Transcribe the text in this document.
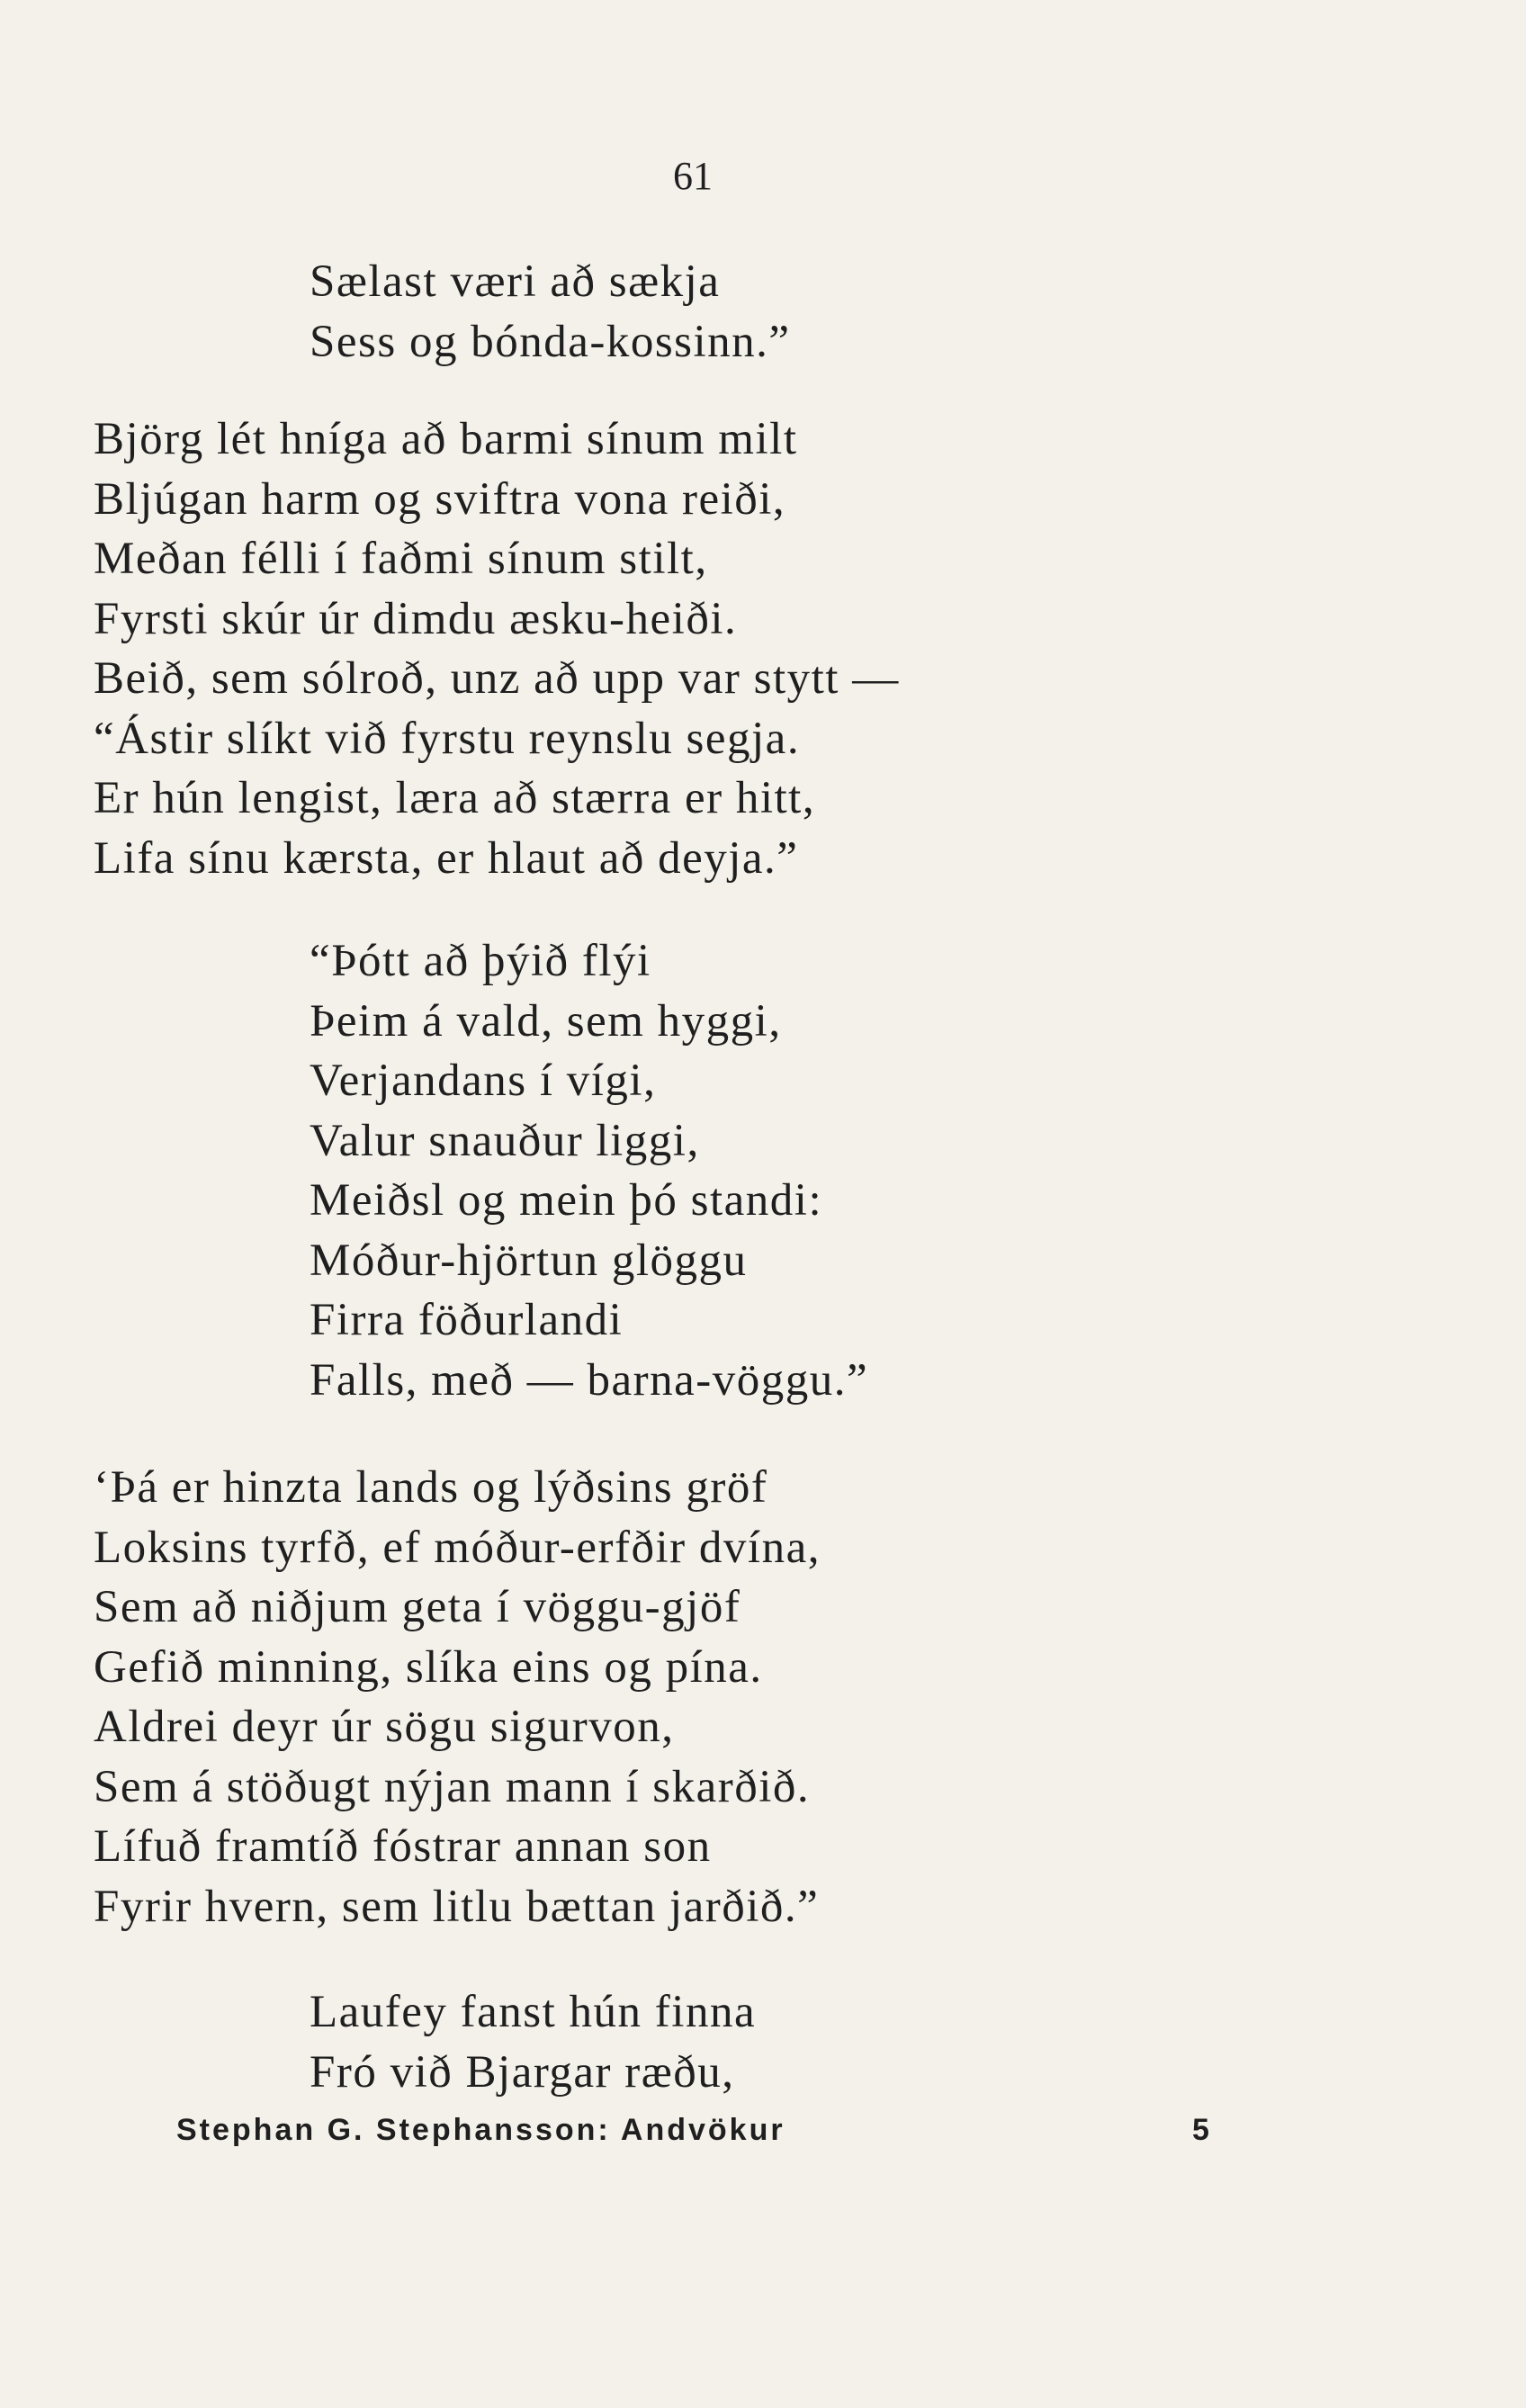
61
Sælast væri að sækja
Sess og bónda-kossinn.”
Björg lét hníga að barmi sínum milt
Bljúgan harm og sviftra vona reiði,
Meðan félli í faðmi sínum stilt,
Fyrsti skúr úr dimdu æsku-heiði.
Beið, sem sólroð, unz að upp var stytt —
“Ástir slíkt við fyrstu reynslu segja.
Er hún lengist, læra að stærra er hitt,
Lifa sínu kærsta, er hlaut að deyja.”
“Þótt að þýið flýi
Þeim á vald, sem hyggi,
Verjandans í vígi,
Valur snauður liggi,
Meiðsl og mein þó standi:
Móður-hjörtun glöggu
Firra föðurlandi
Falls, með — barna-vöggu.”
‘Þá er hinzta lands og lýðsins gröf
Loksins tyrfð, ef móður-erfðir dvína,
Sem að niðjum geta í vöggu-gjöf
Gefið minning, slíka eins og pína.
Aldrei deyr úr sögu sigurvon,
Sem á stöðugt nýjan mann í skarðið.
Lífuð framtíð fóstrar annan son
Fyrir hvern, sem litlu bættan jarðið.”
Laufey fanst hún finna
Fró við Bjargar ræðu,
Stephan G. Stephansson: Andvökur	5
